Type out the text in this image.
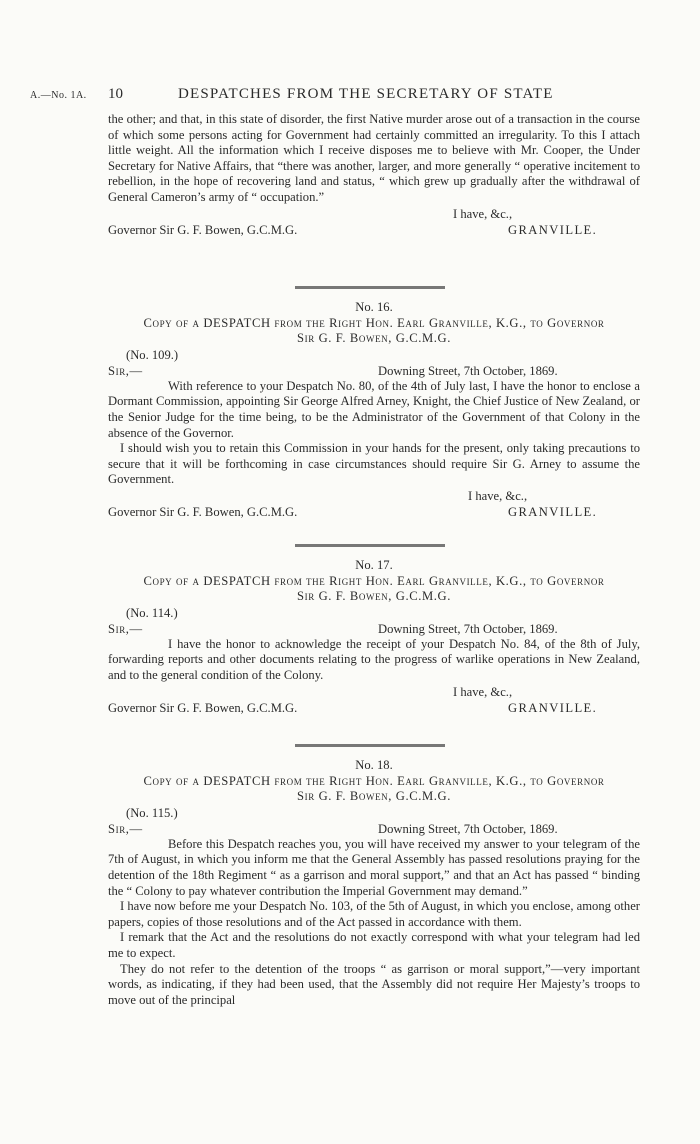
A.—No. 1A. 10	DESPATCHES FROM THE SECRETARY OF STATE

the other; and that, in this state of disorder, the first Native murder arose out of a transaction in the course of which some persons acting for Government had certainly committed an irregularity. To this I attach little weight. All the information which I receive disposes me to believe with Mr. Cooper, the Under Secretary for Native Affairs, that “there was another, larger, and more generally “ operative incitement to rebellion, in the hope of recovering land and status, “ which grew up gradually after the withdrawal of General Cameron’s army of “ occupation.”

I have, &c.,
Governor Sir G. F. Bowen, G.C.M.G.	GRANVILLE.

No. 16.

Copy of a DESPATCH from the Right Hon. Earl Granville, K.G., to Governor

Sir G. F. Bowen, G.C.M.G.

(No. 109.)
Sir,—	Downing Street, 7th October, 1869.

With reference to your Despatch No. 80, of the 4th of July last, I have the honor to enclose a Dormant Commission, appointing Sir George Alfred Arney, Knight, the Chief Justice of New Zealand, or the Senior Judge for the time being, to be the Administrator of the Government of that Colony in the absence of the Governor.

I should wish you to retain this Commission in your hands for the present, only taking precautions to secure that it will be forthcoming in case circumstances should require Sir G. Arney to assume the Government.

I have, &c.,
Governor Sir G. F. Bowen, G.C.M.G.	GRANVILLE.

No. 17.

Copy of a DESPATCH from the Right Hon. Earl Granville, K.G., to Governor

Sir G. F. Bowen, G.C.M.G.

(No. 114.)
Sir,—	Downing Street, 7th October, 1869.

I have the honor to acknowledge the receipt of your Despatch No. 84, of the 8th of July, forwarding reports and other documents relating to the progress of warlike operations in New Zealand, and to the general condition of the Colony.

I have, &c.,
Governor Sir G. F. Bowen, G.C.M.G.	GRANVILLE.

No. 18.

Copy of a DESPATCH from the Right Hon. Earl Granville, K.G., to Governor

Sir G. F. Bowen, G.C.M.G.

(No. 115.)
Sir,—	Downing Street, 7th October, 1869.

Before this Despatch reaches you, you will have received my answer to your telegram of the 7th of August, in which you inform me that the General Assembly has passed resolutions praying for the detention of the 18th Regiment “ as a garrison and moral support,” and that an Act has passed “ binding the “ Colony to pay whatever contribution the Imperial Government may demand.”

I have now before me your Despatch No. 103, of the 5th of August, in which you enclose, among other papers, copies of those resolutions and of the Act passed in accordance with them.

I remark that the Act and the resolutions do not exactly correspond with what your telegram had led me to expect.

They do not refer to the detention of the troops “ as garrison or moral support,”—very important words, as indicating, if they had been used, that the Assembly did not require Her Majesty’s troops to move out of the principal
